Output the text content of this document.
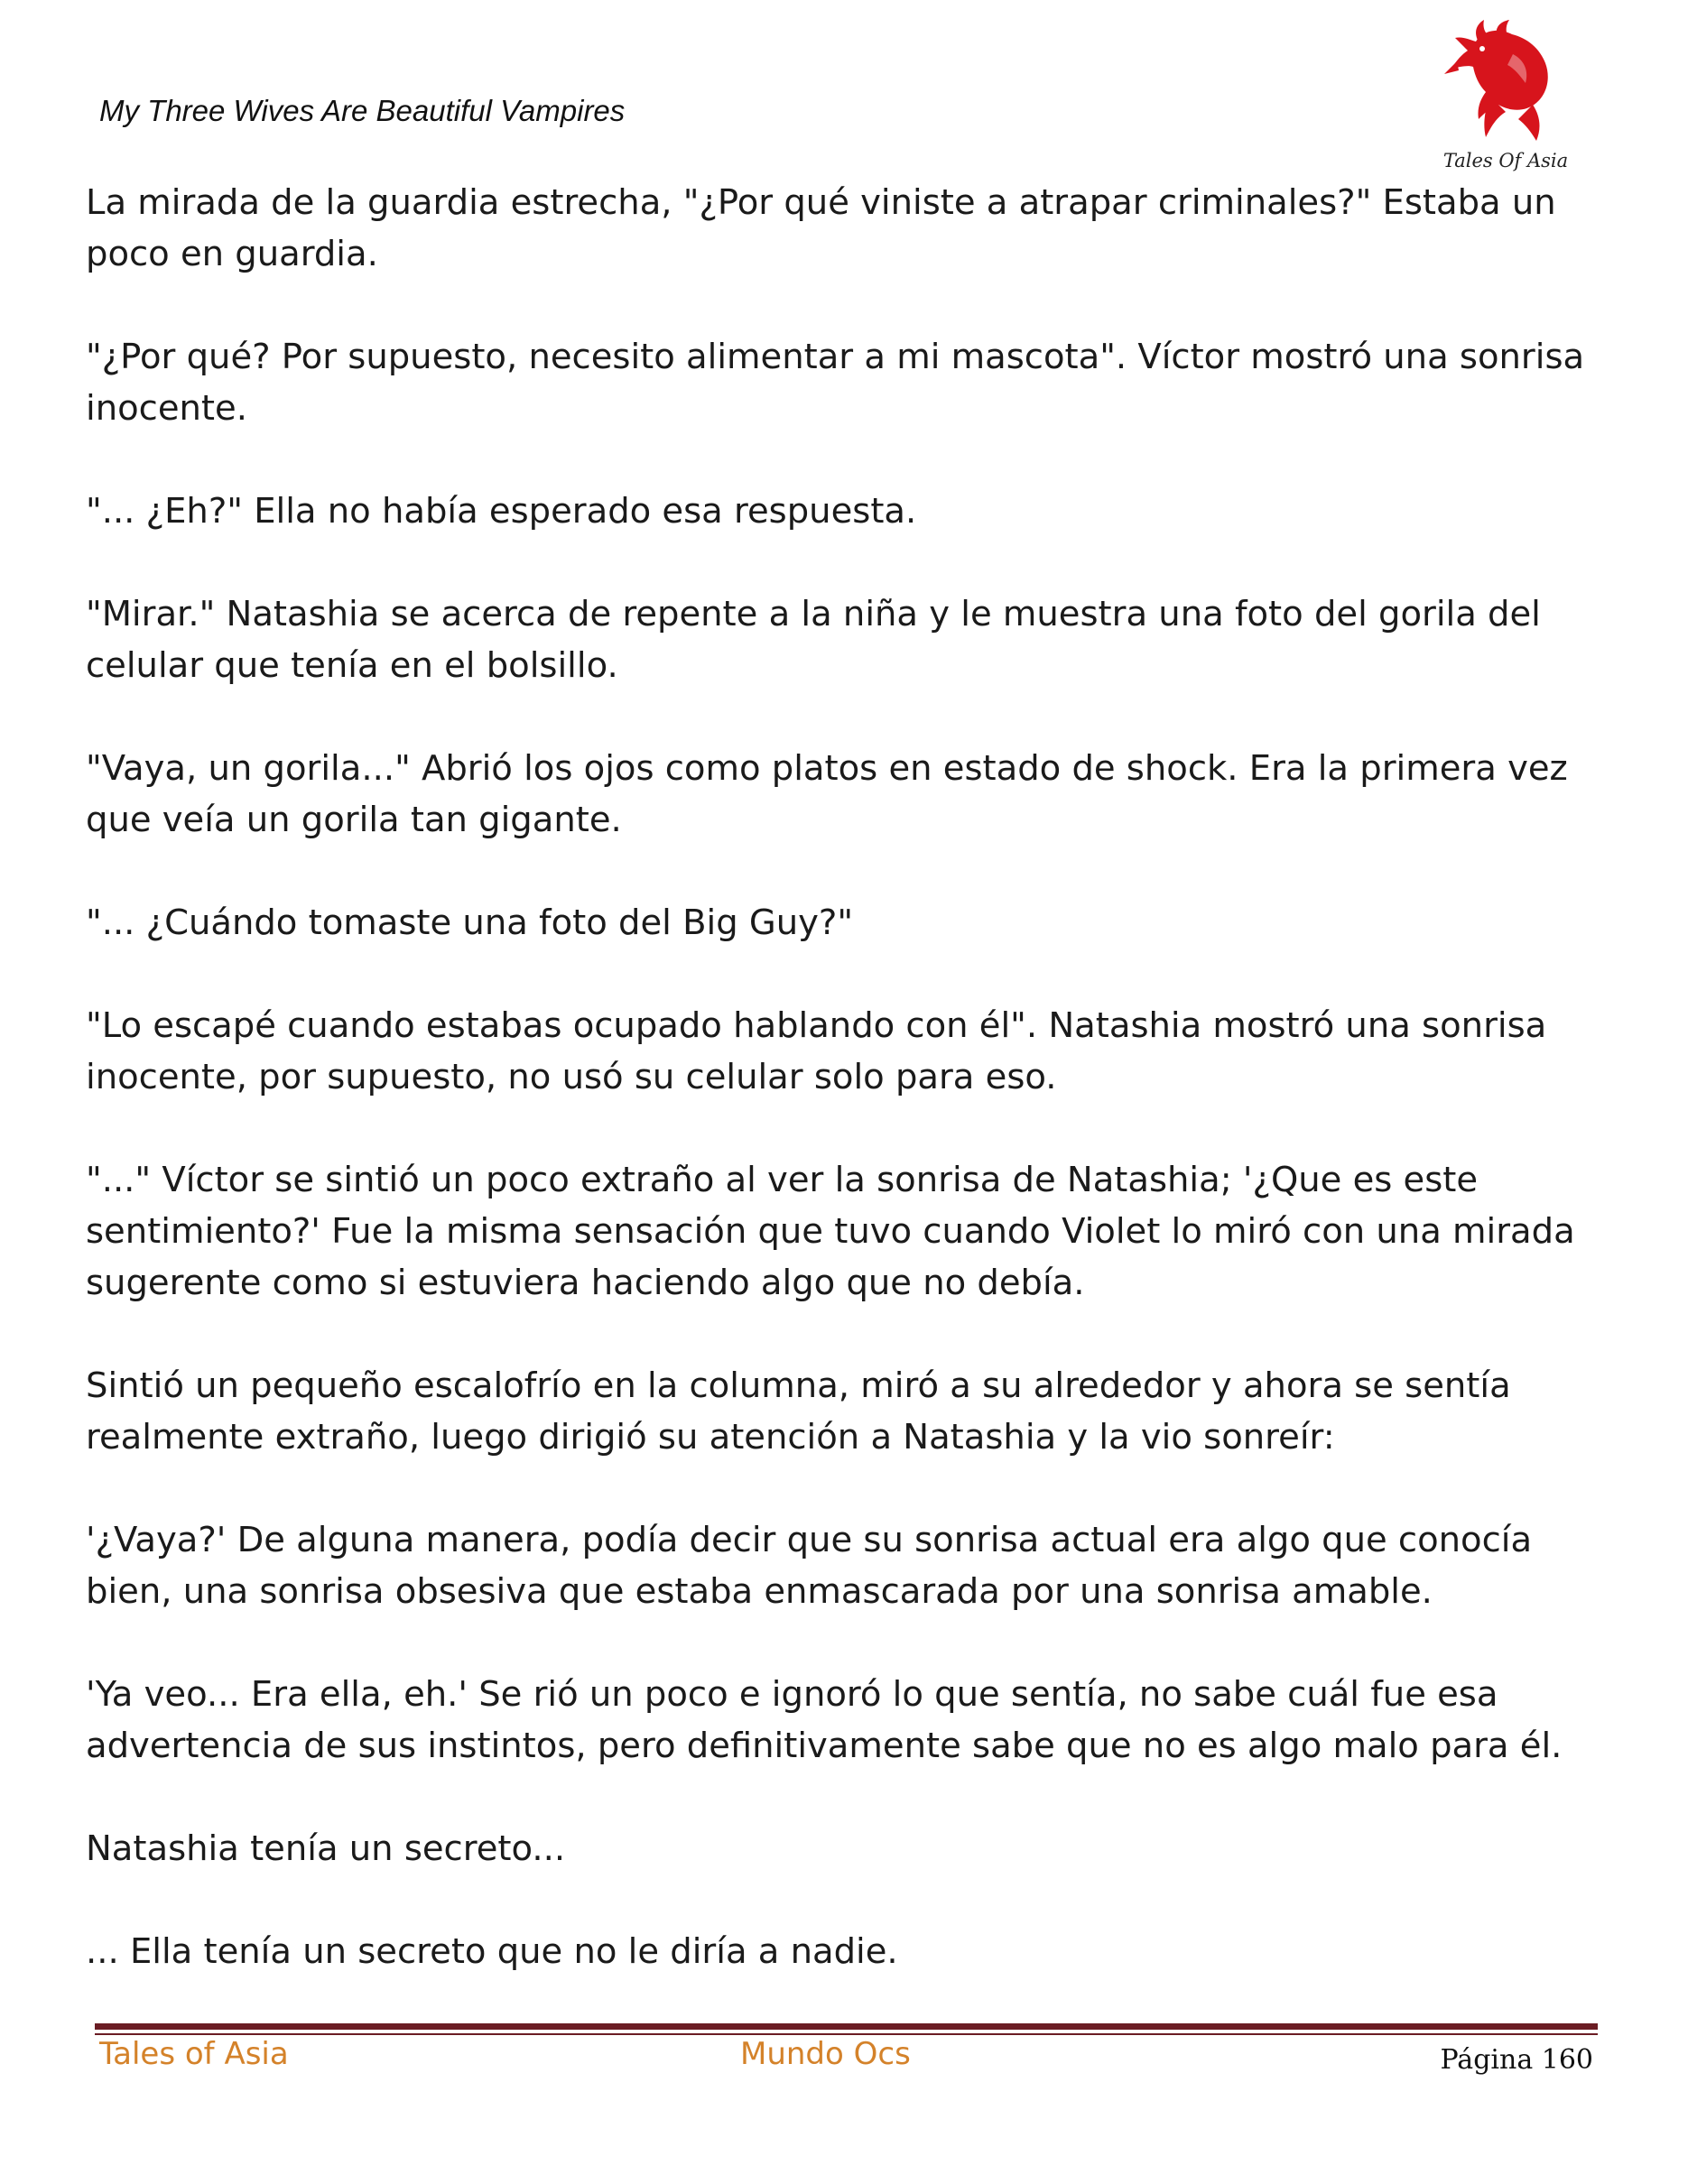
My Three Wives Are Beautiful Vampires
Tales Of Asia

La mirada de la guardia estrecha, "¿Por qué viniste a atrapar criminales?" Estaba un poco en guardia.

"¿Por qué? Por supuesto, necesito alimentar a mi mascota". Víctor mostró una sonrisa inocente.

"... ¿Eh?" Ella no había esperado esa respuesta.

"Mirar." Natashia se acerca de repente a la niña y le muestra una foto del gorila del celular que tenía en el bolsillo.

"Vaya, un gorila..." Abrió los ojos como platos en estado de shock. Era la primera vez que veía un gorila tan gigante.

"... ¿Cuándo tomaste una foto del Big Guy?"

"Lo escapé cuando estabas ocupado hablando con él". Natashia mostró una sonrisa inocente, por supuesto, no usó su celular solo para eso.

"..." Víctor se sintió un poco extraño al ver la sonrisa de Natashia; '¿Que es este sentimiento?' Fue la misma sensación que tuvo cuando Violet lo miró con una mirada sugerente como si estuviera haciendo algo que no debía.

Sintió un pequeño escalofrío en la columna, miró a su alrededor y ahora se sentía realmente extraño, luego dirigió su atención a Natashia y la vio sonreír:

'¿Vaya?' De alguna manera, podía decir que su sonrisa actual era algo que conocía bien, una sonrisa obsesiva que estaba enmascarada por una sonrisa amable.

'Ya veo... Era ella, eh.' Se rió un poco e ignoró lo que sentía, no sabe cuál fue esa advertencia de sus instintos, pero definitivamente sabe que no es algo malo para él.

Natashia tenía un secreto...

... Ella tenía un secreto que no le diría a nadie.

Tales of Asia	Mundo Ocs	Página 160
